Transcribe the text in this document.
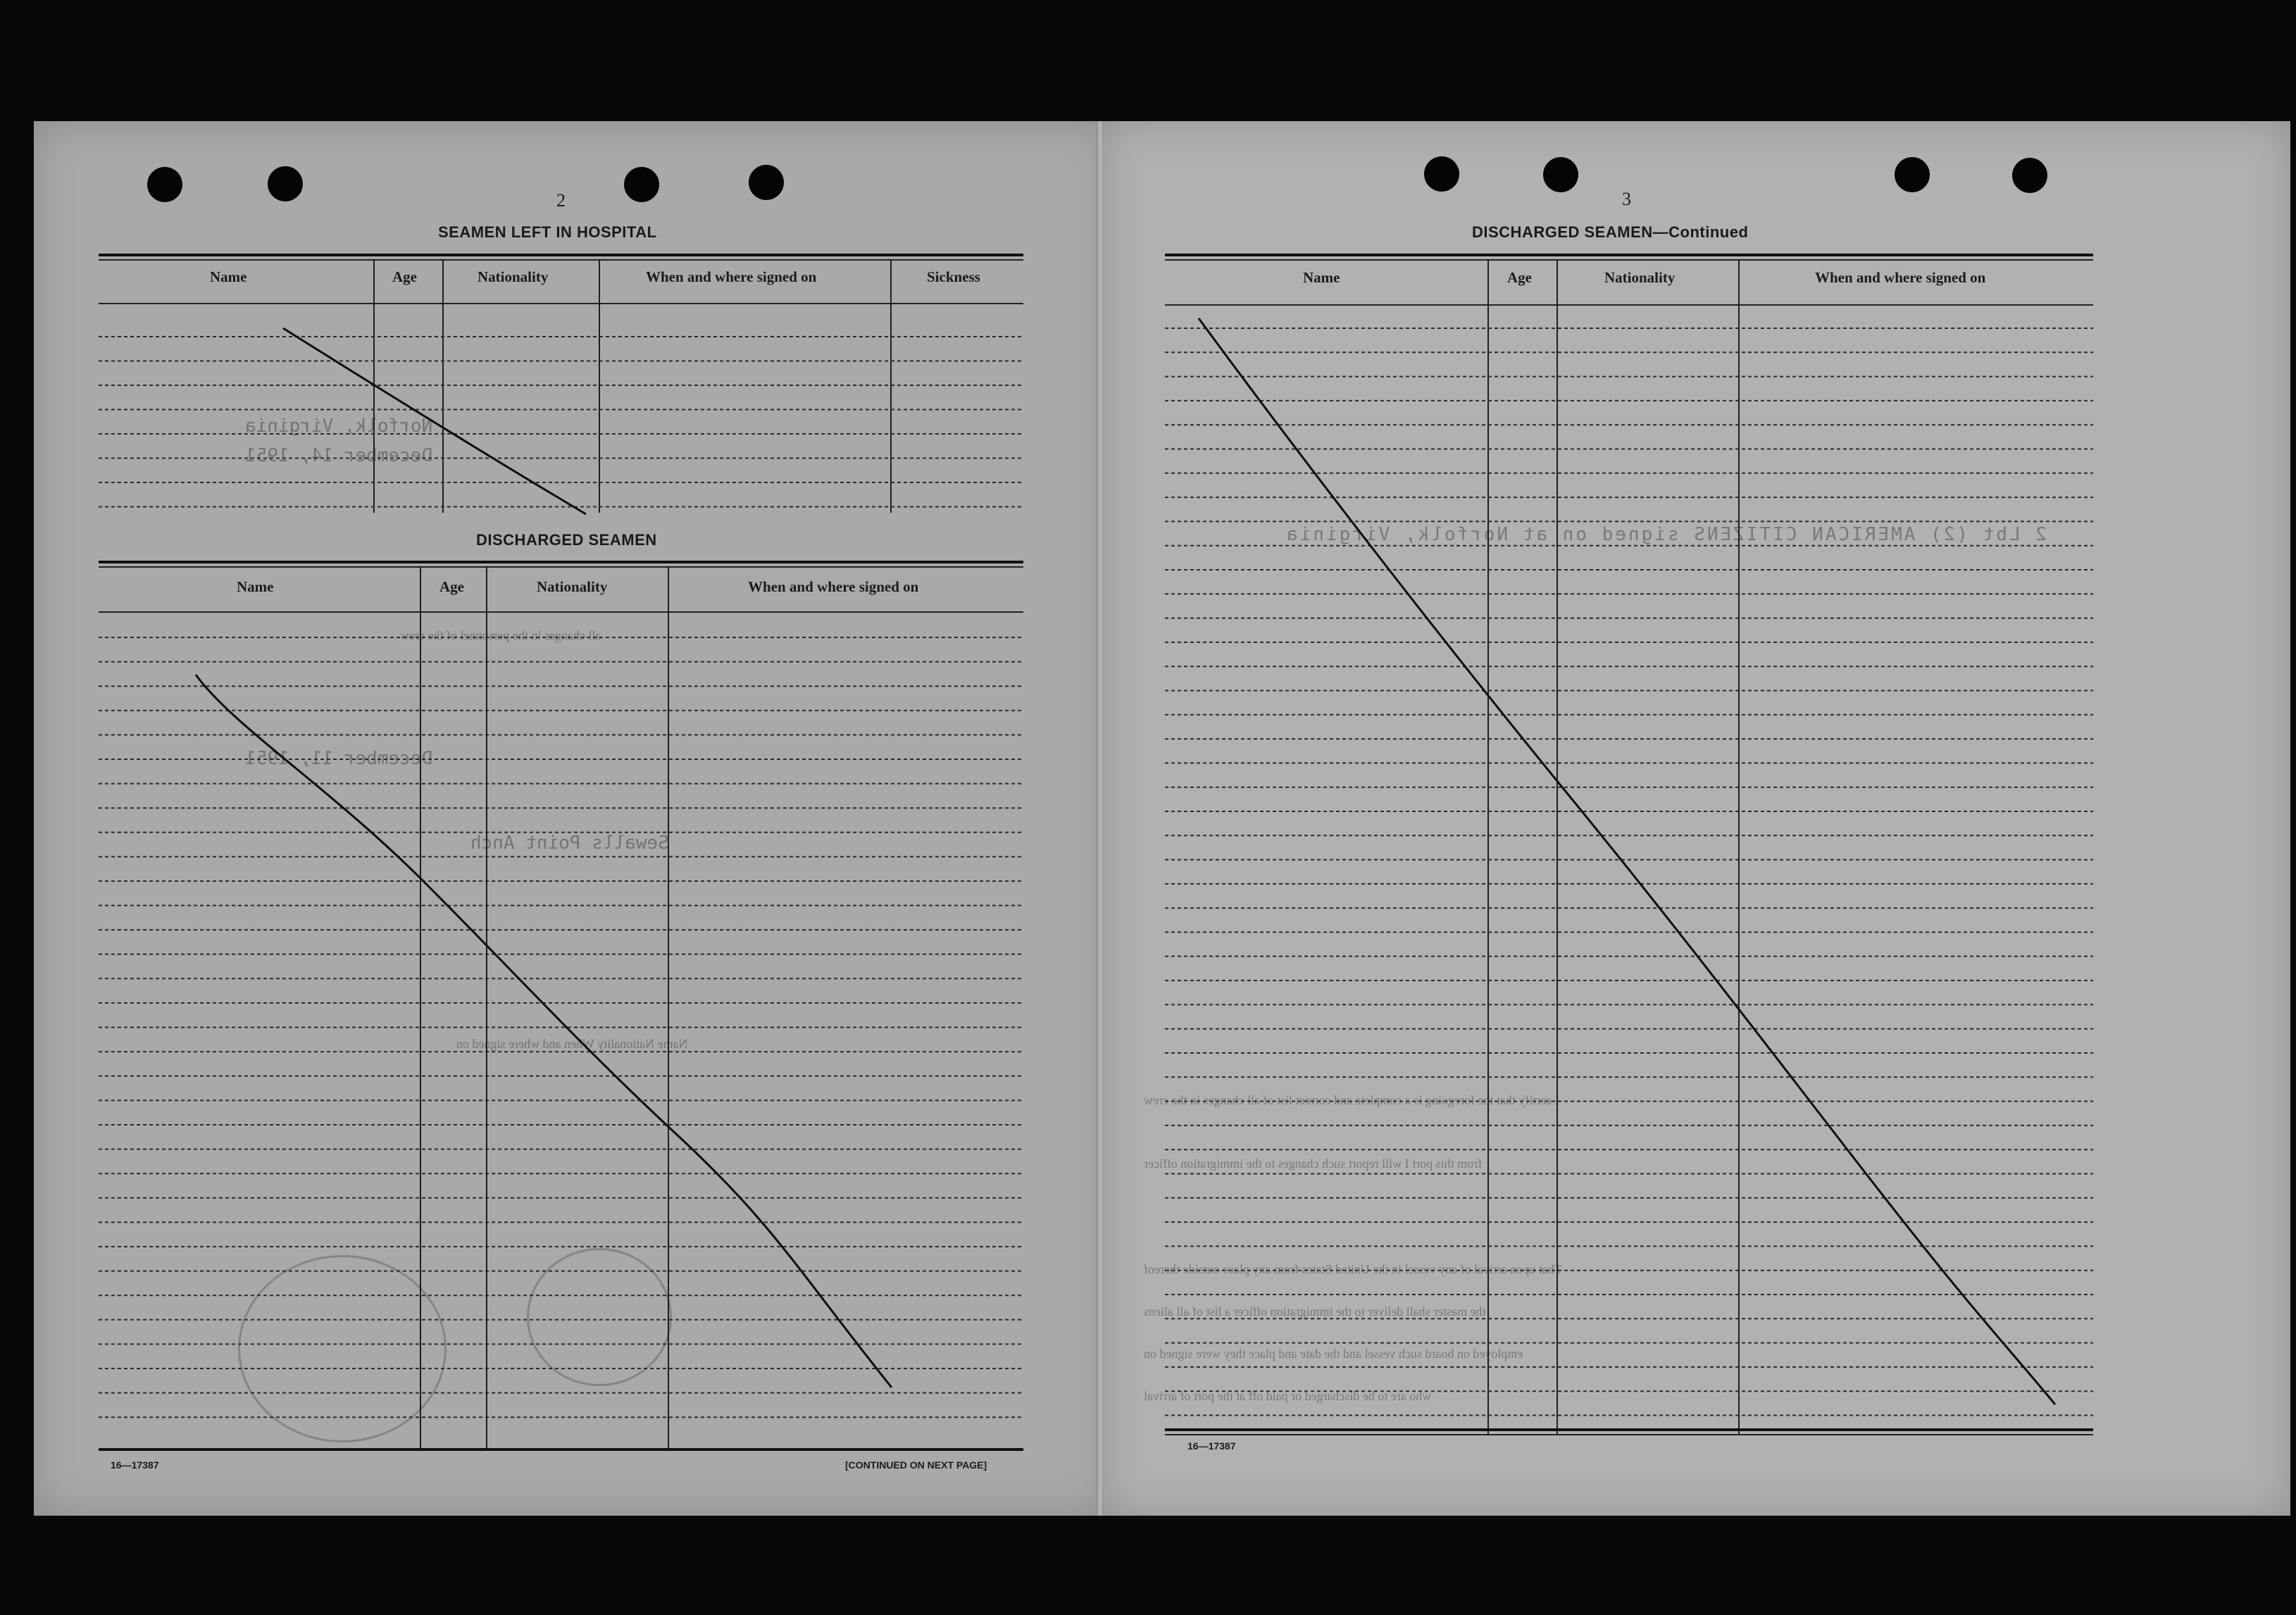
Norfolk, Virginia
December 14, 1951
December 11, 1951
Sewalls Point Anch
all changes in the personnel of the crew
Name Nationality When and where signed on
2 Lbt (2) AMERICAN CITIZENS signed on at Norfolk, Virginia
I certify that the foregoing is a complete and correct list of all changes in the crew
from this port I will report such changes to the immigration officer
That upon arrival of any vessel in the United States from any place outside thereof
the master shall deliver to the immigration officer a list of all aliens
employed on board such vessel and the date and place they were signed on
who are to be discharged or paid off at the port of arrival
2
SEAMEN LEFT IN HOSPITAL
Name	Age	Nationality	When and where signed on	Sickness
DISCHARGED SEAMEN
Name	Age	Nationality	When and where signed on
16—17387	[CONTINUED ON NEXT PAGE]
3
DISCHARGED SEAMEN—Continued
Name	Age	Nationality	When and where signed on
16—17387
